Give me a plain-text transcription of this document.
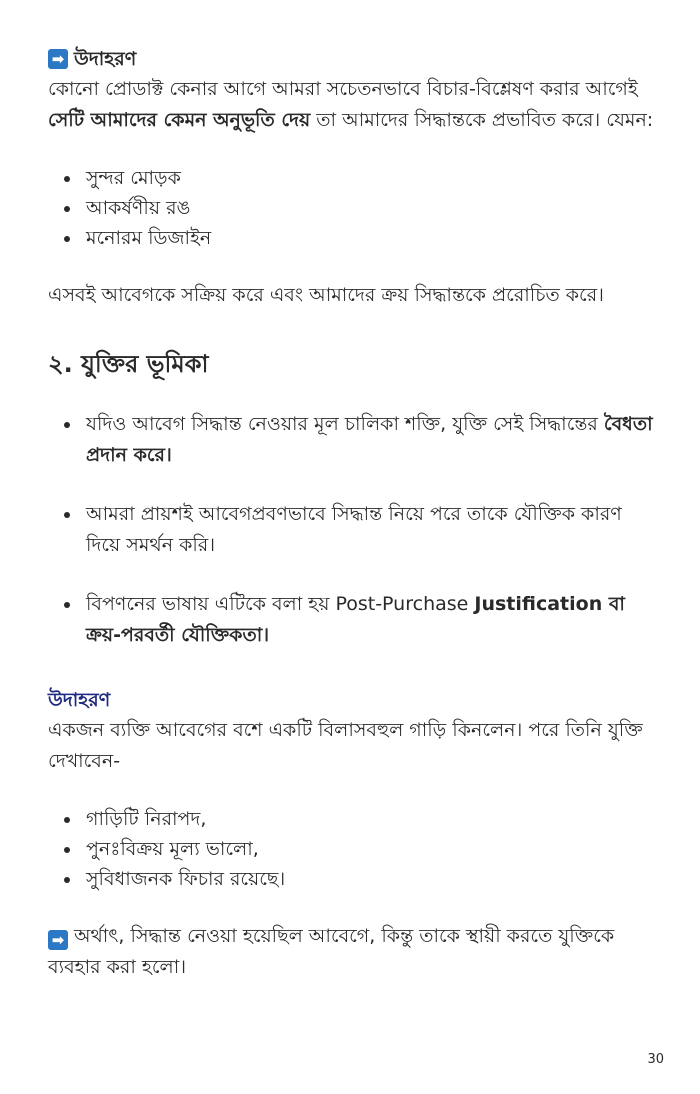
➡ উদাহরণ

কোনো প্রোডাক্ট কেনার আগে আমরা সচেতনভাবে বিচার-বিশ্লেষণ করার আগেই সেটি আমাদের কেমন অনুভূতি দেয় তা আমাদের সিদ্ধান্তকে প্রভাবিত করে। যেমন:

সুন্দর মোড়ক
আকর্ষণীয় রঙ
মনোরম ডিজাইন

এসবই আবেগকে সক্রিয় করে এবং আমাদের ক্রয় সিদ্ধান্তকে প্ররোচিত করে।

২. যুক্তির ভূমিকা
যদিও আবেগ সিদ্ধান্ত নেওয়ার মূল চালিকা শক্তি, যুক্তি সেই সিদ্ধান্তের বৈধতা প্রদান করে।
আমরা প্রায়শই আবেগপ্রবণভাবে সিদ্ধান্ত নিয়ে পরে তাকে যৌক্তিক কারণ দিয়ে সমর্থন করি।
বিপণনের ভাষায় এটিকে বলা হয় Post-Purchase Justification বা ক্রয়-পরবর্তী যৌক্তিকতা।
উদাহরণ

একজন ব্যক্তি আবেগের বশে একটি বিলাসবহুল গাড়ি কিনলেন। পরে তিনি যুক্তি দেখাবেন-

গাড়িটি নিরাপদ,
পুনঃবিক্রয় মূল্য ভালো,
সুবিধাজনক ফিচার রয়েছে।

➡ অর্থাৎ, সিদ্ধান্ত নেওয়া হয়েছিল আবেগে, কিন্তু তাকে স্থায়ী করতে যুক্তিকে ব্যবহার করা হলো।

30
